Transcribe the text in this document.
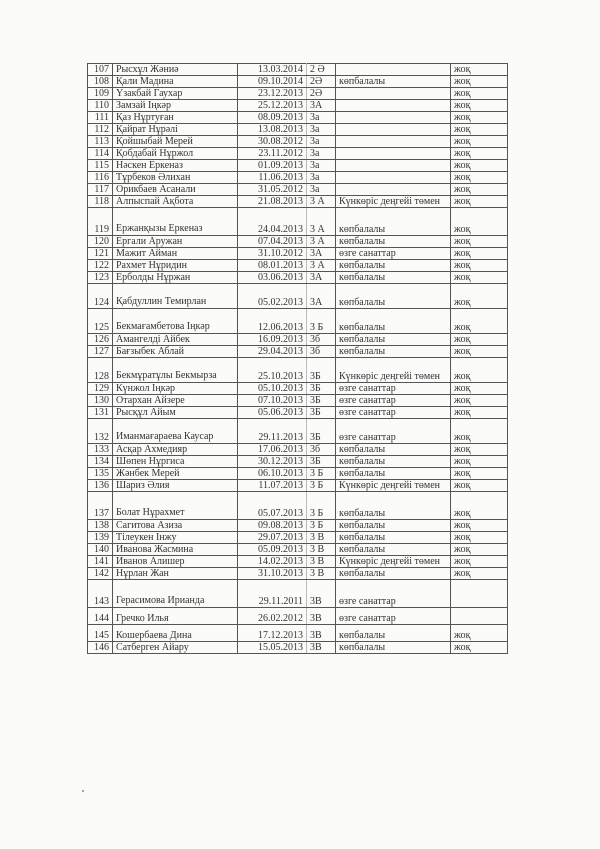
107	Рысхұл Жәниә	13.03.2014	2 Ә		жоқ
108	Қали Мадина	09.10.2014	2Ә	көпбалалы	жоқ
109	Үзакбай Гаухар	23.12.2013	2Ә		жоқ
110	Замзай Іңкәр	25.12.2013	3А		жоқ
111	Қаз Нұртуған	08.09.2013	3а		жоқ
112	Қайрат Нұрәлі	13.08.2013	3а		жоқ
113	Қойшыбай Мерей	30.08.2012	3а		жоқ
114	Қобдабай Нұржол	23.11.2012	3а		жоқ
115	Нәскен Еркеназ	01.09.2013	3а		жоқ
116	Тұрбеков Әлихан	11.06.2013	3а		жоқ
117	Орикбаев Асанали	31.05.2012	3а		жоқ
118	Алпыспай Ақбота	21.08.2013	3 А	Күнкөріс деңгейі төмен	жоқ
119	Ержанқызы Еркеназ	24.04.2013	3 А	көпбалалы	жоқ
120	Ергали Аружан	07.04.2013	3 А	көпбалалы	жоқ
121	Мажит Айман	31.10.2012	3А	өзге санаттар	жоқ
122	Рахмет Нұридин	08.01.2013	3 А	көпбалалы	жоқ
123	Ерболды Нұржан	03.06.2013	3А	көпбалалы	жоқ
124	Қабдуллин Темирлан	05.02.2013	3А	көпбалалы	жоқ
125	Бекмағамбетова Іңкәр	12.06.2013	3 Б	көпбалалы	жоқ
126	Амангелді Айбек	16.09.2013	3б	көпбалалы	жоқ
127	Бағзыбек Аблай	29.04.2013	3б	көпбалалы	жоқ
128	Бекмұратұлы Бекмырза	25.10.2013	3Б	Күнкөріс деңгейі төмен	жоқ
129	Күнжол Іңкәр	05.10.2013	3Б	өзге санаттар	жоқ
130	Отархан Айзере	07.10.2013	3Б	өзге санаттар	жоқ
131	Рысқұл Айым	05.06.2013	3Б	өзге санаттар	жоқ
132	Иманмағараева Каусар	29.11.2013	3Б	өзге санаттар	жоқ
133	Асқар Ахмедияр	17.06.2013	3б	көпбалалы	жоқ
134	Шөпен Нұргиса	30.12.2013	3Б	көпбалалы	жоқ
135	Жәнбек Мерей	06.10.2013	3 Б	көпбалалы	жоқ
136	Шариз Әлия	11.07.2013	3 Б	Күнкөріс деңгейі төмен	жоқ
137	Болат Нұрахмет	05.07.2013	3 Б	көпбалалы	жоқ
138	Сагитова Азиза	09.08.2013	3 Б	көпбалалы	жоқ
139	Тілеукен Інжу	29.07.2013	3 В	көпбалалы	жоқ
140	Иванова Жасмина	05.09.2013	3 В	көпбалалы	жоқ
141	Иванов Алишер	14.02.2013	3 В	Күнкөріс деңгейі төмен	жоқ
142	Нұрлан Жан	31.10.2013	3 В	көпбалалы	жоқ
143	Герасимова Ирианда	29.11.2011	3В	өзге санаттар	
144	Гречко Илья	26.02.2012	3В	өзге санаттар	
145	Кошербаева Дина	17.12.2013	3В	көпбалалы	жоқ
146	Сатберген Айару	15.05.2013	3В	көпбалалы	жоқ
